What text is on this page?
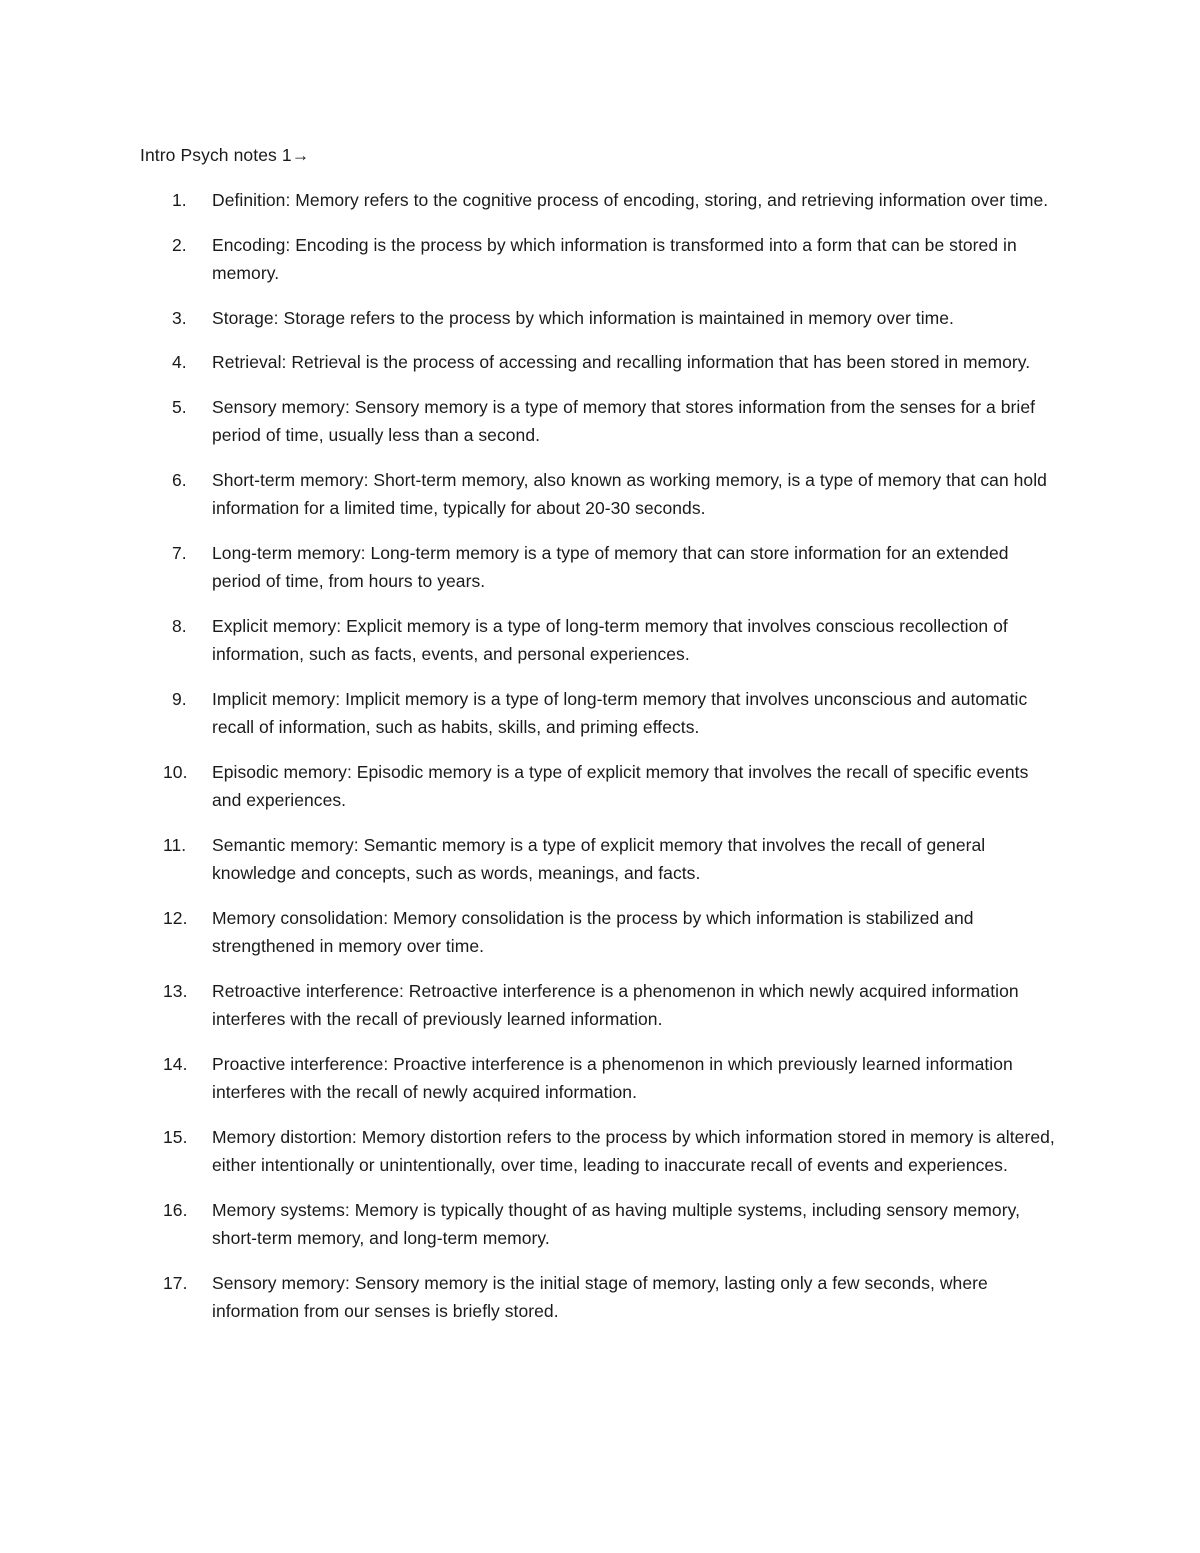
Intro Psych notes 1→
1.	Definition: Memory refers to the cognitive process of encoding, storing, and retrieving information over time.
2.	Encoding: Encoding is the process by which information is transformed into a form that can be stored in memory.
3.	Storage: Storage refers to the process by which information is maintained in memory over time.
4.	Retrieval: Retrieval is the process of accessing and recalling information that has been stored in memory.
5.	Sensory memory: Sensory memory is a type of memory that stores information from the senses for a brief period of time, usually less than a second.
6.	Short-term memory: Short-term memory, also known as working memory, is a type of memory that can hold information for a limited time, typically for about 20-30 seconds.
7.	Long-term memory: Long-term memory is a type of memory that can store information for an extended period of time, from hours to years.
8.	Explicit memory: Explicit memory is a type of long-term memory that involves conscious recollection of information, such as facts, events, and personal experiences.
9.	Implicit memory: Implicit memory is a type of long-term memory that involves unconscious and automatic recall of information, such as habits, skills, and priming effects.
10.	Episodic memory: Episodic memory is a type of explicit memory that involves the recall of specific events and experiences.
11.	Semantic memory: Semantic memory is a type of explicit memory that involves the recall of general knowledge and concepts, such as words, meanings, and facts.
12.	Memory consolidation: Memory consolidation is the process by which information is stabilized and strengthened in memory over time.
13.	Retroactive interference: Retroactive interference is a phenomenon in which newly acquired information interferes with the recall of previously learned information.
14.	Proactive interference: Proactive interference is a phenomenon in which previously learned information interferes with the recall of newly acquired information.
15.	Memory distortion: Memory distortion refers to the process by which information stored in memory is altered, either intentionally or unintentionally, over time, leading to inaccurate recall of events and experiences.
16.	Memory systems: Memory is typically thought of as having multiple systems, including sensory memory, short-term memory, and long-term memory.
17.	Sensory memory: Sensory memory is the initial stage of memory, lasting only a few seconds, where information from our senses is briefly stored.
